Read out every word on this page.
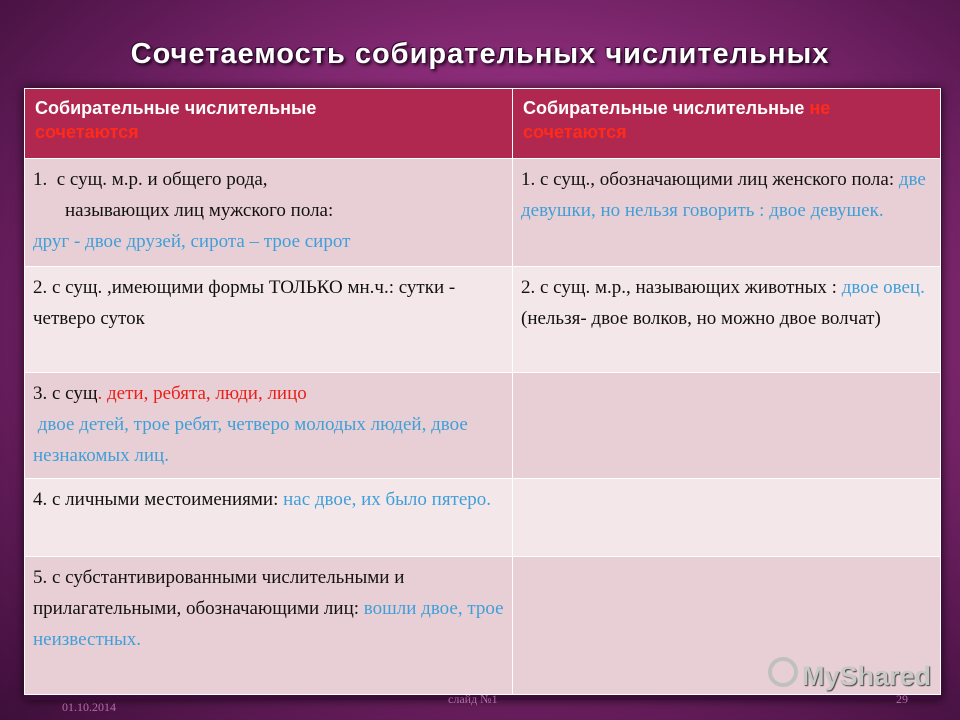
Сочетаемость собирательных числительных
Собирательные числительные
сочетаются	Собирательные числительные не сочетаются
1. с сущ. м.р. и общего рода,
называющих лиц мужского пола:
друг - двое друзей, сирота – трое сирот	1. с сущ., обозначающими лиц женского пола: две девушки, но нельзя говорить : двое девушек.
2. с сущ. ,имеющими формы ТОЛЬКО мн.ч.: сутки - четверо суток	2. с сущ. м.р., называющих животных : двое овец. (нельзя- двое волков, но можно двое волчат)
3. с сущ. дети, ребята, люди, лицо
двое детей, трое ребят, четверо молодых людей, двое незнакомых лиц.	
4. с личными местоимениями: нас двое, их было пятеро.	
5. с субстантивированными числительными и прилагательными, обозначающими лиц: вошли двое, трое неизвестных.	
01.10.2014
слайд №1	29
MyShared
